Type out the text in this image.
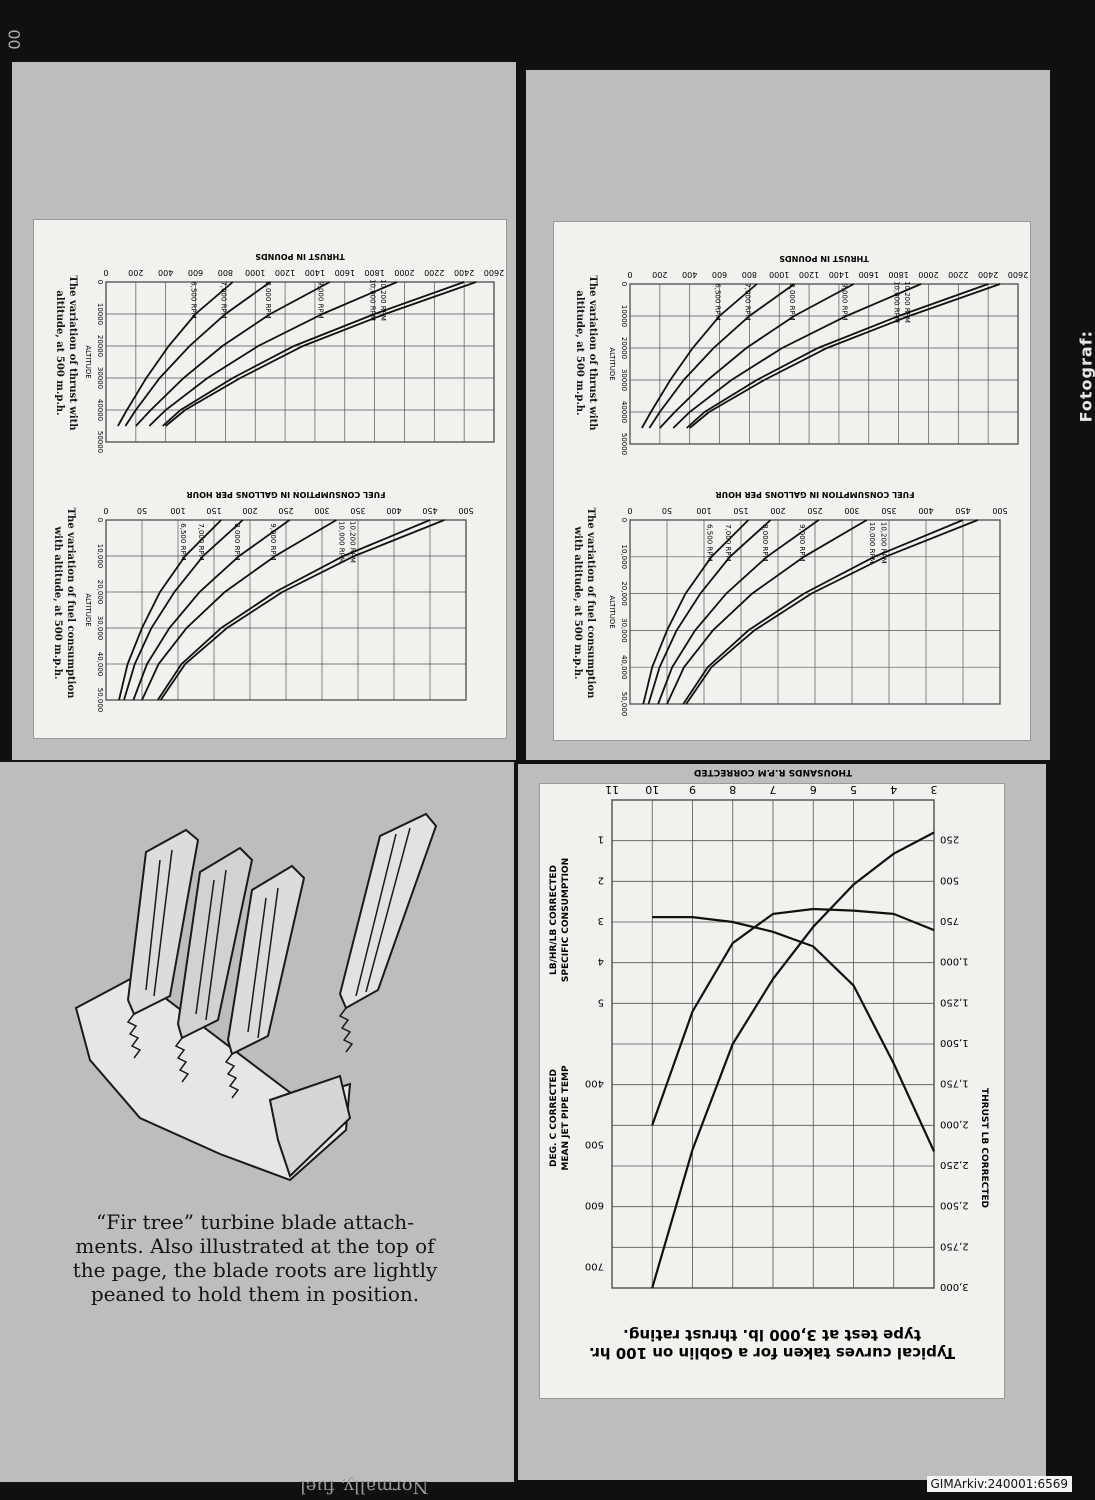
00
0 200 400 600 800 1000 1200 1400 1600 1800 2000 2200 2400 2600
0
10000
20000
30000
40000
50000
6,500 RPM	7,000 RPM	8,000 RPM	9,000 RPM	10,000 RPM 10,200 RPM
THRUST IN POUNDS
ALTITUDE
0	50	100	150	200	250	300	350	400	450	500
0
10,000
20,000
30,000
40,000
50,000
6,500 RPM 7,000 RPM	8,000 RPM	9,000 RPM	10,000 RPM 10,200 RPM
FUEL CONSUMPTION IN GALLONS PER HOUR
ALTITUDE
0 200 400 600 800 1000 1200 1400 1600 1800 2000 2200 2400 2600
0
10000
20000
30000
40000
50000
6,500 RPM	7,000 RPM	8,000 RPM	9,000 RPM	10,000 RPM 10,200 RPM
THRUST IN POUNDS
ALTITUDE
0	50	100	150	200	250	300	350	400	450	500
0
10,000
20,000
30,000
40,000
50,000
6,500 RPM 7,000 RPM	8,000 RPM	9,000 RPM	10,000 RPM 10,200 RPM
FUEL CONSUMPTION IN GALLONS PER HOUR
ALTITUDE
The variation of thrust with altitude, at 500 m.p.h.
The variation of fuel consumption with altitude, at 500 m.p.h.
The variation of thrust with altitude, at 500 m.p.h.
The variation of fuel consumption with altitude, at 500 m.p.h.
“Fir tree” turbine blade attach-
ments. Also illustrated at the top of
the page, the blade roots are lightly
peaned to hold them in position.
Normally, fuel
3
4
5
6
7
8
9
10
11
THOUSANDS R.P.M CORRECTED
250
500
750
1,000
1,250
1,500
1,750
2,000
2,250
2,500
2,750
3,000
THRUST LB CORRECTED
1
2
3
4
5
400
500
600
700
SPECIFIC CONSUMPTION
LB/HR/LB CORRECTED
MEAN JET PIPE TEMP
DEG. C CORRECTED
Typical curves taken for a Goblin on 100 hr.
type test at 3,000 lb. thrust rating.
Fotograf:
GIMArkiv:240001:6569
